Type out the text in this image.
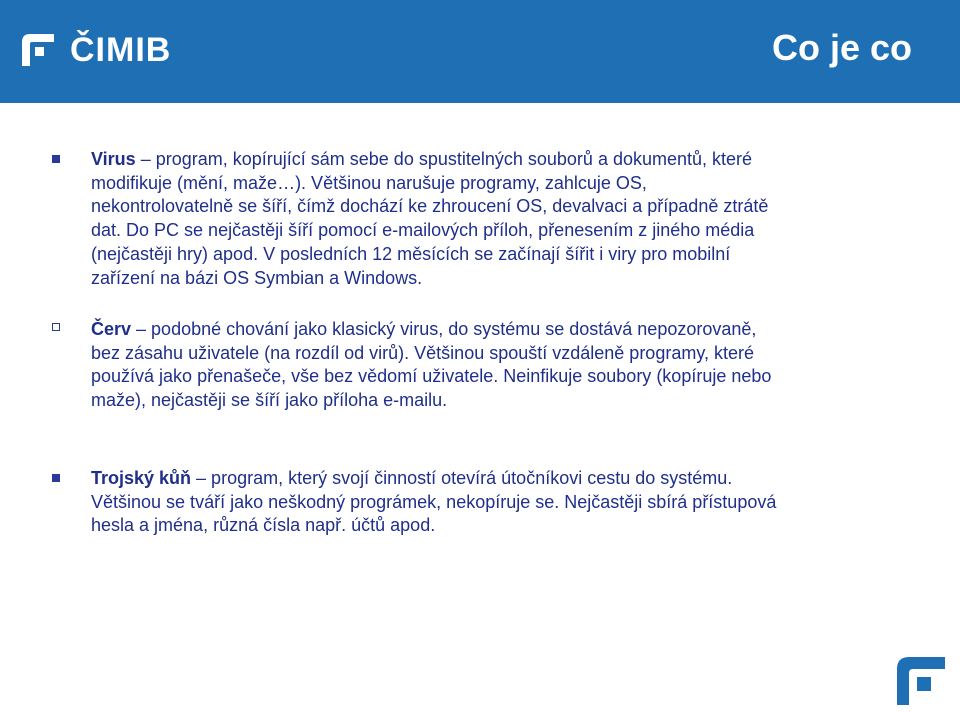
ČIMIB	Co je co
Virus – program, kopírující sám sebe do spustitelných souborů a dokumentů, které modifikuje (mění, maže…). Většinou narušuje programy, zahlcuje OS, nekontrolovatelně se šíří, čímž dochází ke zhroucení OS, devalvaci a případně ztrátě dat. Do PC se nejčastěji šíří pomocí e-mailových příloh, přenesením z jiného média (nejčastěji hry) apod. V posledních 12 měsících se začínají šířit i viry pro mobilní zařízení na bázi OS Symbian a Windows.
Červ – podobné chování jako klasický virus, do systému se dostává nepozorovaně, bez zásahu uživatele (na rozdíl od virů). Většinou spouští vzdáleně programy, které používá jako přenašeče, vše bez vědomí uživatele. Neinfikuje soubory (kopíruje nebo maže), nejčastěji se šíří jako příloha e-mailu.
Trojský kůň – program, který svojí činností otevírá útočníkovi cestu do systému. Většinou se tváří jako neškodný prográmek, nekopíruje se. Nejčastěji sbírá přístupová hesla a jména, různá čísla např. účtů apod.
